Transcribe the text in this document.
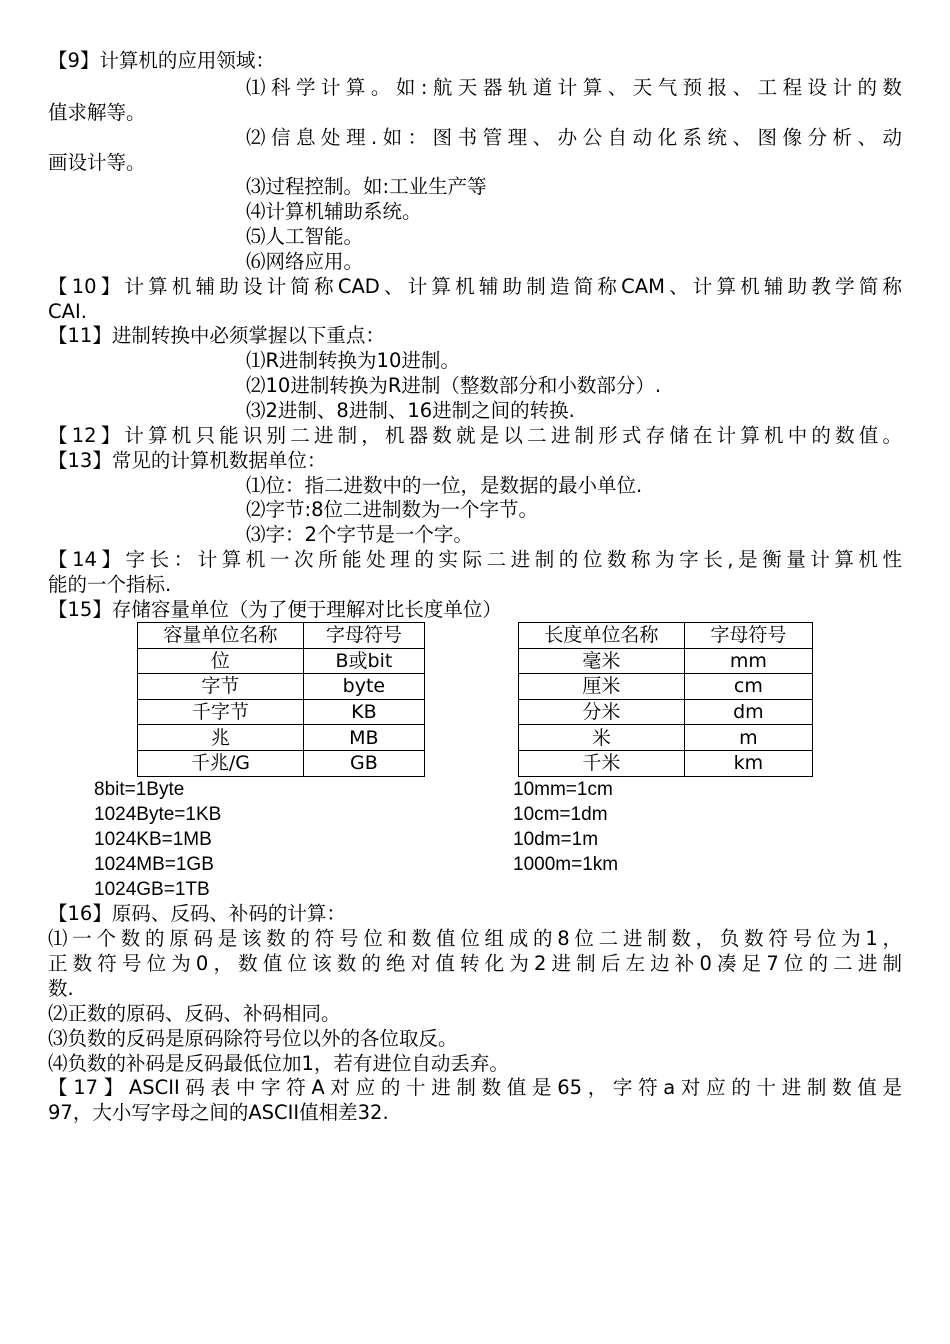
【9】计算机的应用领域：
⑴科学计算。如:航天器轨道计算、天气预报、工程设计的数
值求解等。
⑵信息处理.如：图书管理、办公自动化系统、图像分析、动
画设计等。
⑶过程控制。如:工业生产等
⑷计算机辅助系统。
⑸人工智能。
⑹网络应用。
【10】计算机辅助设计简称CAD、计算机辅助制造简称CAM、计算机辅助教学简称
CAI.
【11】进制转换中必须掌握以下重点：
⑴R进制转换为10进制。
⑵10进制转换为R进制（整数部分和小数部分）.
⑶2进制、8进制、16进制之间的转换.
【12】计算机只能识别二进制，机器数就是以二进制形式存储在计算机中的数值。
【13】常见的计算机数据单位：
⑴位：指二进数中的一位，是数据的最小单位.
⑵字节:8位二进制数为一个字节。
⑶字：2个字节是一个字。
【14】字长：计算机一次所能处理的实际二进制的位数称为字长,是衡量计算机性
能的一个指标.
【15】存储容量单位（为了便于理解对比长度单位）
容量单位名称	字母符号
位	B或bit
字节	byte
千字节	KB
兆	MB
千兆/G	GB
长度单位名称	字母符号
毫米	mm
厘米	cm
分米	dm
米	m
千米	km
8bit=1Byte
1024Byte=1KB
1024KB=1MB
1024MB=1GB
1024GB=1TB
10mm=1cm
10cm=1dm
10dm=1m
1000m=1km
【16】原码、反码、补码的计算：
⑴一个数的原码是该数的符号位和数值位组成的8位二进制数，负数符号位为1，
正数符号位为0，数值位该数的绝对值转化为2进制后左边补0凑足7位的二进制
数.
⑵正数的原码、反码、补码相同。
⑶负数的反码是原码除符号位以外的各位取反。
⑷负数的补码是反码最低位加1，若有进位自动丢弃。
【17】ASCII码表中字符A对应的十进制数值是65，字符a对应的十进制数值是
97，大小写字母之间的ASCII值相差32.
